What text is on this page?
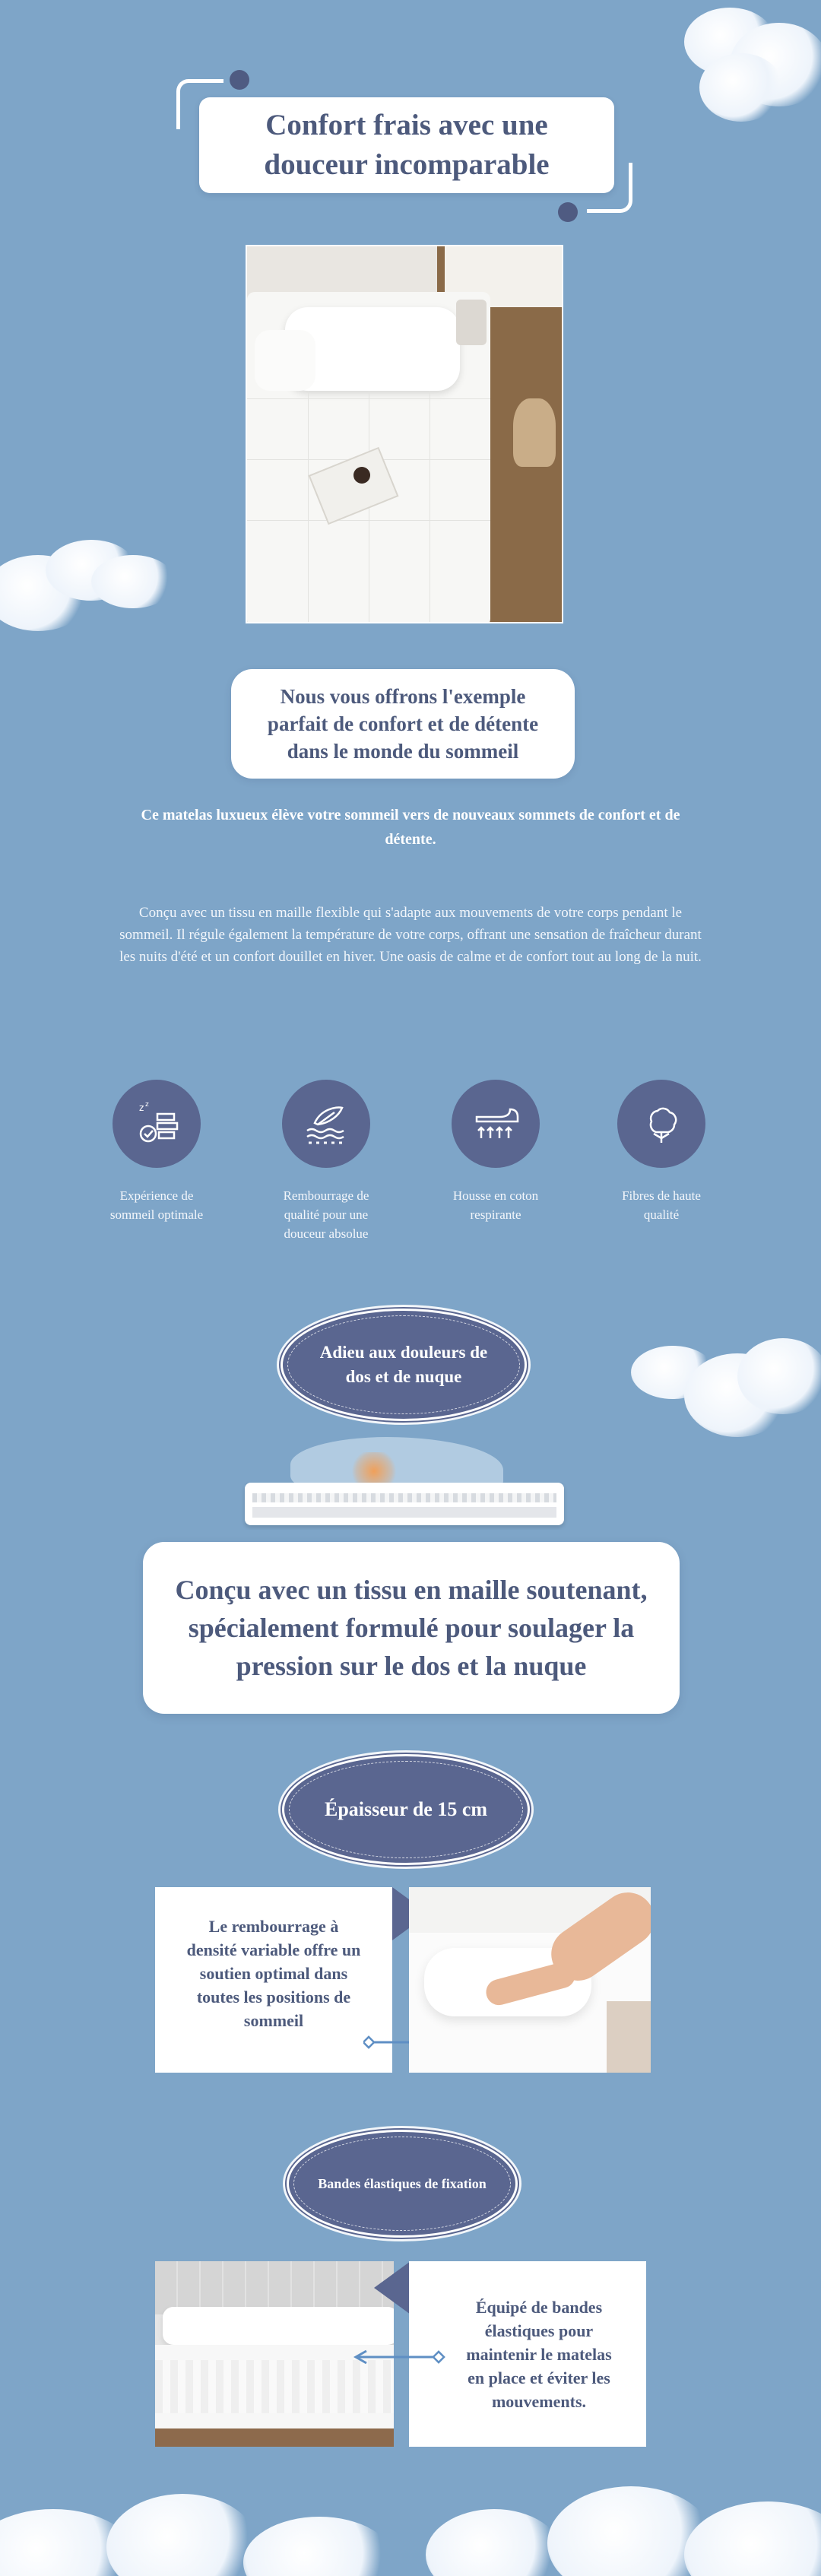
Confort frais avec une
douceur incomparable
Nous vous offrons l'exemple
parfait de confort et de détente
dans le monde du sommeil
Ce matelas luxueux élève votre sommeil vers de nouveaux sommets de confort et de détente.
Conçu avec un tissu en maille flexible qui s'adapte aux mouvements de votre corps pendant le sommeil. Il régule également la température de votre corps, offrant une sensation de fraîcheur durant les nuits d'été et un confort douillet en hiver. Une oasis de calme et de confort tout au long de la nuit.
z z
Expérience de
sommeil optimale
Rembourrage de
qualité pour une
douceur absolue
Housse en coton
respirante
Fibres de haute
qualité
Adieu aux douleurs de
dos et de nuque
Conçu avec un tissu en maille soutenant,
spécialement formulé pour soulager la
pression sur le dos et la nuque
Épaisseur de 15 cm
Le rembourrage à
densité variable offre un
soutien optimal dans
toutes les positions de
sommeil
Bandes élastiques de fixation
Équipé de bandes
élastiques pour
maintenir le matelas
en place et éviter les
mouvements.
